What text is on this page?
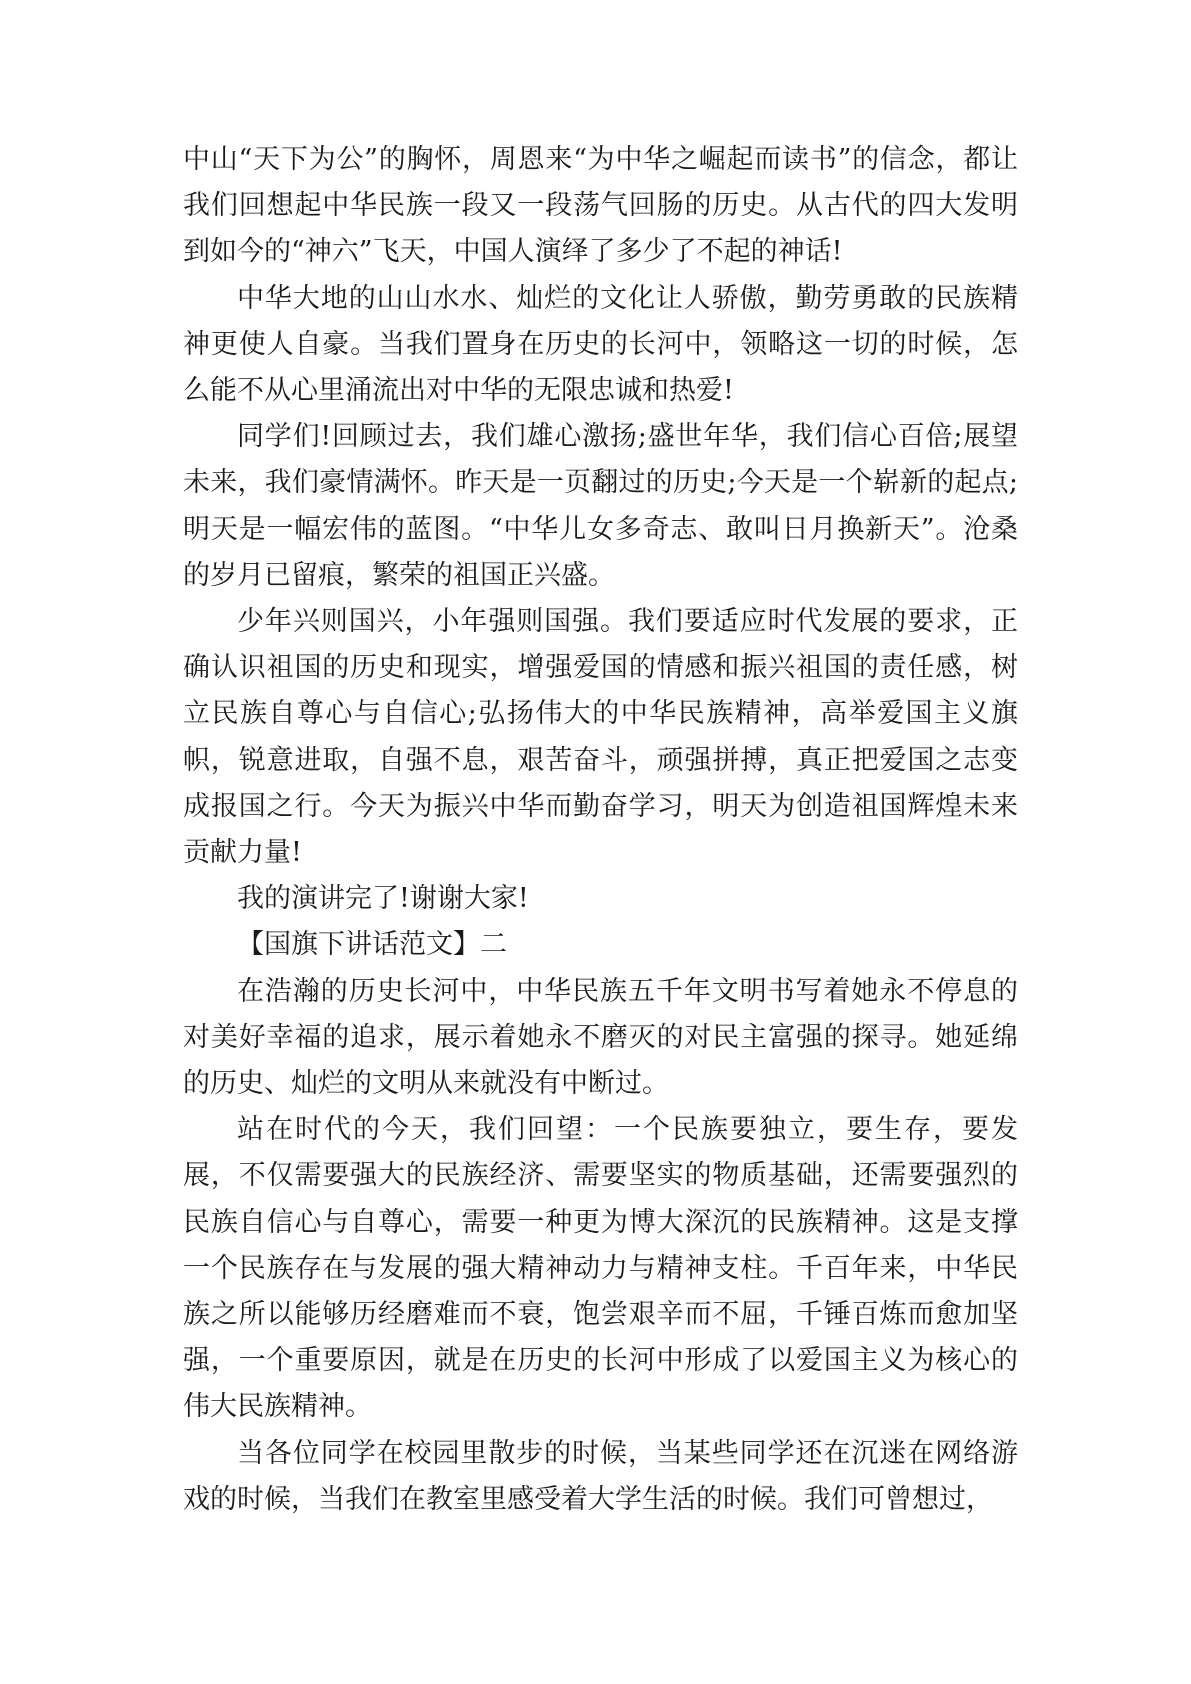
中山“天下为公”的胸怀，周恩来“为中华之崛起而读书”的信念，都让我们回想起中华民族一段又一段荡气回肠的历史。从古代的四大发明到如今的“神六”飞天，中国人演绎了多少了不起的神话!

中华大地的山山水水、灿烂的文化让人骄傲，勤劳勇敢的民族精神更使人自豪。当我们置身在历史的长河中，领略这一切的时候，怎么能不从心里涌流出对中华的无限忠诚和热爱!

同学们!回顾过去，我们雄心激扬;盛世年华，我们信心百倍;展望未来，我们豪情满怀。昨天是一页翻过的历史;今天是一个崭新的起点;明天是一幅宏伟的蓝图。“中华儿女多奇志、敢叫日月换新天”。沧桑的岁月已留痕，繁荣的祖国正兴盛。

少年兴则国兴，小年强则国强。我们要适应时代发展的要求，正确认识祖国的历史和现实，增强爱国的情感和振兴祖国的责任感，树立民族自尊心与自信心;弘扬伟大的中华民族精神，高举爱国主义旗帜，锐意进取，自强不息，艰苦奋斗，顽强拼搏，真正把爱国之志变成报国之行。今天为振兴中华而勤奋学习，明天为创造祖国辉煌未来贡献力量!

我的演讲完了!谢谢大家!

【国旗下讲话范文】二

在浩瀚的历史长河中，中华民族五千年文明书写着她永不停息的对美好幸福的追求，展示着她永不磨灭的对民主富强的探寻。她延绵的历史、灿烂的文明从来就没有中断过。

站在时代的今天，我们回望：一个民族要独立，要生存，要发展，不仅需要强大的民族经济、需要坚实的物质基础，还需要强烈的民族自信心与自尊心，需要一种更为博大深沉的民族精神。这是支撑一个民族存在与发展的强大精神动力与精神支柱。千百年来，中华民族之所以能够历经磨难而不衰，饱尝艰辛而不屈，千锤百炼而愈加坚强，一个重要原因，就是在历史的长河中形成了以爱国主义为核心的伟大民族精神。

当各位同学在校园里散步的时候，当某些同学还在沉迷在网络游戏的时候，当我们在教室里感受着大学生活的时候。我们可曾想过，
